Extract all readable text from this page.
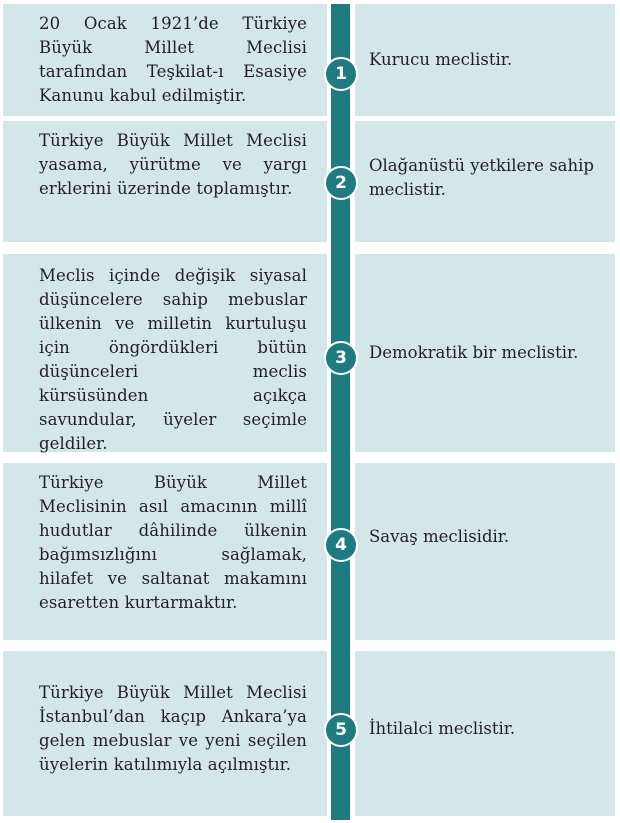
20 Ocak 1921’de Türkiye Büyük Millet Meclisi tarafından Teşkilat-ı Esasiye Kanunu kabul edilmiştir.
Kurucu meclistir.
1
Türkiye Büyük Millet Meclisi yasama, yürütme ve yargı erklerini üzerinde toplamıştır.
Olağanüstü yetkilere sahip meclistir.
2
Meclis içinde değişik siyasal düşüncelere sahip mebuslar ülkenin ve milletin kurtuluşu için öngördükleri bütün düşünceleri meclis kürsüsünden açıkça savundular, üyeler seçimle geldiler.
Demokratik bir meclistir.
3
Türkiye Büyük Millet Meclisinin asıl amacının millî hudutlar dâhilinde ülkenin bağımsızlığını sağlamak, hilafet ve saltanat makamını esaretten kurtarmaktır.
Savaş meclisidir.
4
Türkiye Büyük Millet Meclisi İstanbul’dan kaçıp Ankara’ya gelen mebuslar ve yeni seçilen üyelerin katılımıyla açılmıştır.
İhtilalci meclistir.
5
